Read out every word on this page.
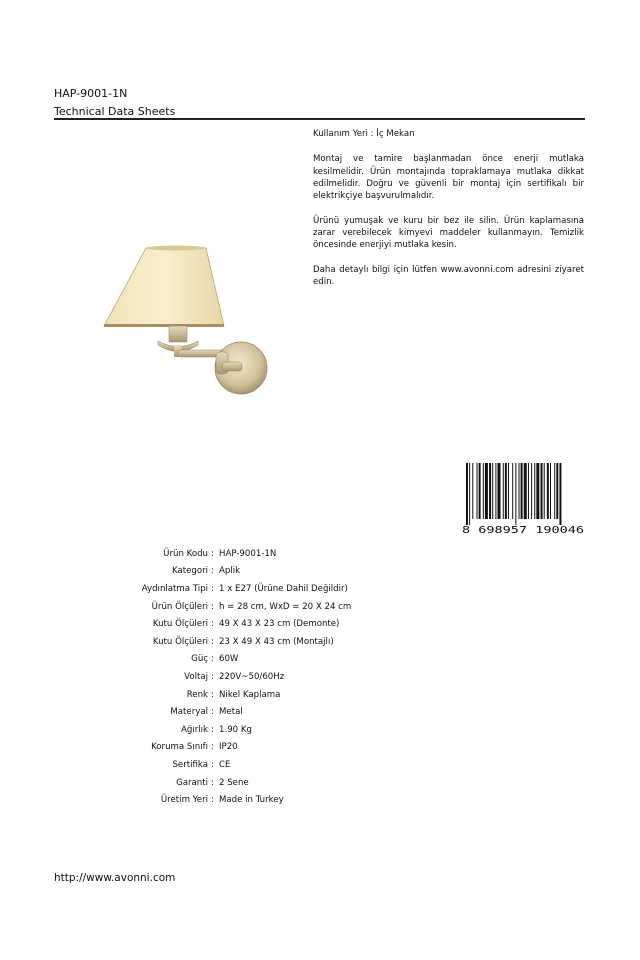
HAP-9001-1N
Technical Data Sheets

Kullanım Yeri : İç Mekan

Montaj ve tamire başlanmadan önce enerji mutlaka kesilmelidir. Ürün montajında topraklamaya mutlaka dikkat edilmelidir. Doğru ve güvenli bir montaj için sertifikalı bir elektrikçiye başvurulmalıdır.

Ürünü yumuşak ve kuru bir bez ile silin. Ürün kaplamasına zarar verebilecek kimyevi maddeler kullanmayın. Temizlik öncesinde enerjiyi mutlaka kesin.

Daha detaylı bilgi için lütfen www.avonni.com adresini ziyaret edin.

8 698957 190046
Ürün Kodu : HAP-9001-1N
Kategori : Aplik
Aydınlatma Tipi : 1 x E27 (Ürüne Dahil Değildir)
Ürün Ölçüleri : h = 28 cm, WxD = 20 X 24 cm
Kutu Ölçüleri : 49 X 43 X 23 cm (Demonte)
Kutu Ölçüleri : 23 X 49 X 43 cm (Montajlı)
Güç : 60W
Voltaj : 220V~50/60Hz
Renk : Nikel Kaplama
Materyal : Metal
Ağırlık : 1.90 Kg
Koruma Sınıfı : IP20
Sertifika : CE
Garanti : 2 Sene
Üretim Yeri : Made in Turkey
http://www.avonni.com
